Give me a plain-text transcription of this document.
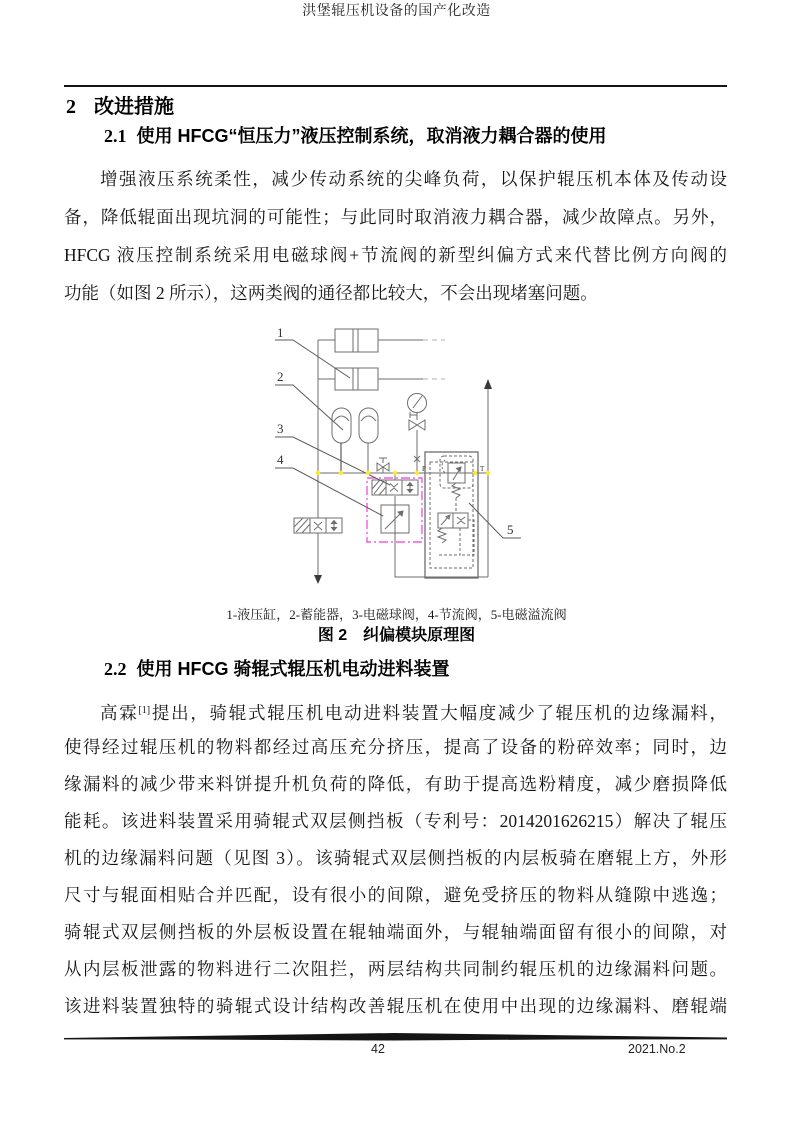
洪堡辊压机设备的国产化改造
2 改进措施
2.1 使用 HFCG“恒压力”液压控制系统，取消液力耦合器的使用
增强液压系统柔性，减少传动系统的尖峰负荷，以保护辊压机本体及传动设
备，降低辊面出现坑洞的可能性；与此同时取消液力耦合器，减少故障点。另外，
HFCG 液压控制系统采用电磁球阀+节流阀的新型纠偏方式来代替比例方向阀的
功能（如图 2 所示），这两类阀的通径都比较大，不会出现堵塞问题。
1
2
3
4
5
P	T
1-液压缸，2-蓄能器，3-电磁球阀，4-节流阀，5-电磁溢流阀
图 2　纠偏模块原理图
2.2 使用 HFCG 骑辊式辊压机电动进料装置
高霖[1]提出，骑辊式辊压机电动进料装置大幅度减少了辊压机的边缘漏料，
使得经过辊压机的物料都经过高压充分挤压，提高了设备的粉碎效率；同时，边
缘漏料的减少带来料饼提升机负荷的降低，有助于提高选粉精度，减少磨损降低
能耗。该进料装置采用骑辊式双层侧挡板（专利号：2014201626215）解决了辊压
机的边缘漏料问题（见图 3）。该骑辊式双层侧挡板的内层板骑在磨辊上方，外形
尺寸与辊面相贴合并匹配，设有很小的间隙，避免受挤压的物料从缝隙中逃逸；
骑辊式双层侧挡板的外层板设置在辊轴端面外，与辊轴端面留有很小的间隙，对
从内层板泄露的物料进行二次阻拦，两层结构共同制约辊压机的边缘漏料问题。
该进料装置独特的骑辊式设计结构改善辊压机在使用中出现的边缘漏料、磨辊端
42	2021.No.2
